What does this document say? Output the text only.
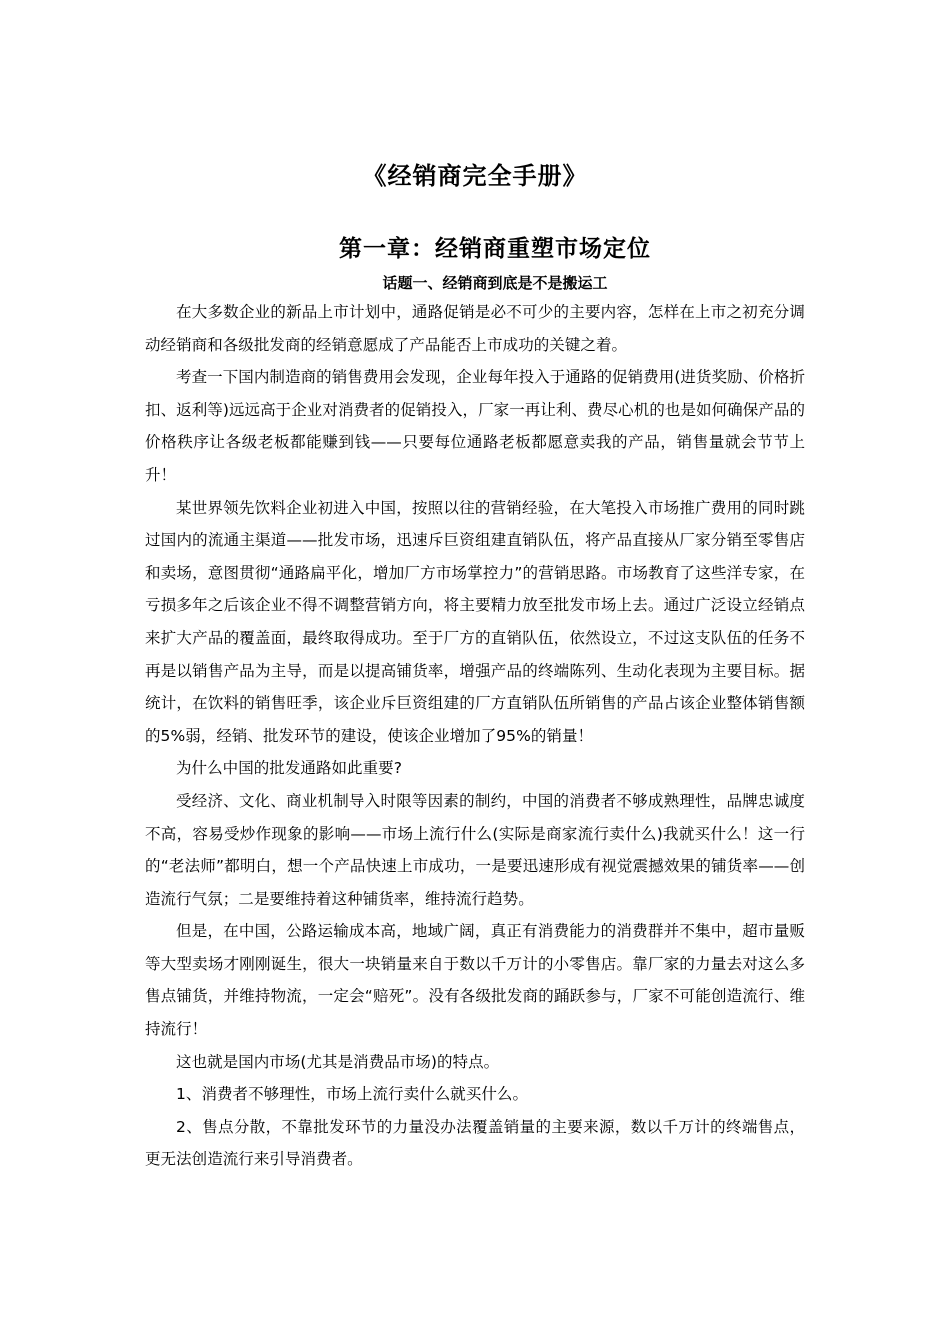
《经销商完全手册》
第一章：经销商重塑市场定位
话题一、经销商到底是不是搬运工

在大多数企业的新品上市计划中，通路促销是必不可少的主要内容，怎样在上市之初充分调动经销商和各级批发商的经销意愿成了产品能否上市成功的关键之着。

考查一下国内制造商的销售费用会发现，企业每年投入于通路的促销费用(进货奖励、价格折扣、返利等)远远高于企业对消费者的促销投入，厂家一再让利、费尽心机的也是如何确保产品的价格秩序让各级老板都能赚到钱——只要每位通路老板都愿意卖我的产品，销售量就会节节上升！

某世界领先饮料企业初进入中国，按照以往的营销经验，在大笔投入市场推广费用的同时跳过国内的流通主渠道——批发市场，迅速斥巨资组建直销队伍，将产品直接从厂家分销至零售店和卖场，意图贯彻“通路扁平化，增加厂方市场掌控力”的营销思路。市场教育了这些洋专家，在亏损多年之后该企业不得不调整营销方向，将主要精力放至批发市场上去。通过广泛设立经销点来扩大产品的覆盖面，最终取得成功。至于厂方的直销队伍，依然设立，不过这支队伍的任务不再是以销售产品为主导，而是以提高铺货率，增强产品的终端陈列、生动化表现为主要目标。据统计，在饮料的销售旺季，该企业斥巨资组建的厂方直销队伍所销售的产品占该企业整体销售额的5%弱，经销、批发环节的建设，使该企业增加了95%的销量！

为什么中国的批发通路如此重要?

受经济、文化、商业机制导入时限等因素的制约，中国的消费者不够成熟理性，品牌忠诚度不高，容易受炒作现象的影响——市场上流行什么(实际是商家流行卖什么)我就买什么！这一行的“老法师”都明白，想一个产品快速上市成功，一是要迅速形成有视觉震撼效果的铺货率——创造流行气氛；二是要维持着这种铺货率，维持流行趋势。

但是，在中国，公路运输成本高，地域广阔，真正有消费能力的消费群并不集中，超市量贩等大型卖场才刚刚诞生，很大一块销量来自于数以千万计的小零售店。靠厂家的力量去对这么多售点铺货，并维持物流，一定会“赔死”。没有各级批发商的踊跃参与，厂家不可能创造流行、维持流行！

这也就是国内市场(尤其是消费品市场)的特点。

1、消费者不够理性，市场上流行卖什么就买什么。

2、售点分散，不靠批发环节的力量没办法覆盖销量的主要来源，数以千万计的终端售点，更无法创造流行来引导消费者。
